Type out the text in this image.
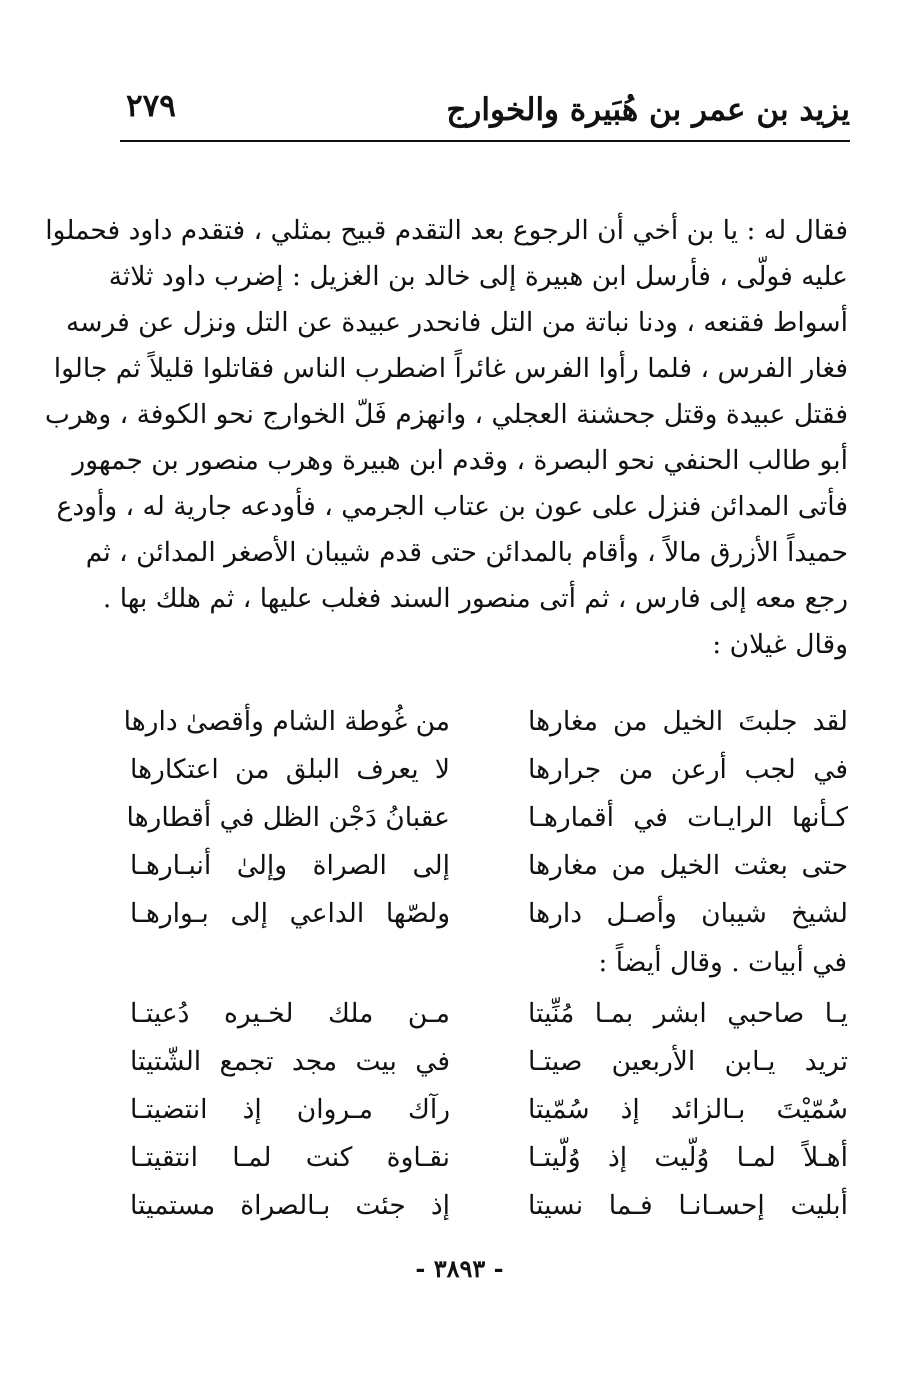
يزيد بن عمر بن هُبَيرة والخوارج
٢٧٩
فقال له : يا بن أخي أن الرجوع بعد التقدم قبيح بمثلي ، فتقدم داود فحملوا
عليه فولّى ، فأرسل ابن هبيرة إلى خالد بن الغزيل : إضرب داود ثلاثة
أسواط فقنعه ، ودنا نباتة من التل فانحدر عبيدة عن التل ونزل عن فرسه
فغار الفرس ، فلما رأوا الفرس غائراً اضطرب الناس فقاتلوا قليلاً ثم جالوا
فقتل عبيدة وقتل جحشنة العجلي ، وانهزم فَلّ الخوارج نحو الكوفة ، وهرب
أبو طالب الحنفي نحو البصرة ، وقدم ابن هبيرة وهرب منصور بن جمهور
فأتى المدائن فنزل على عون بن عتاب الجرمي ، فأودعه جارية له ، وأودع
حميداً الأزرق مالاً ، وأقام بالمدائن حتى قدم شيبان الأصغر المدائن ، ثم
رجع معه إلى فارس ، ثم أتى منصور السند فغلب عليها ، ثم هلك بها .
وقال غيلان :
لقد جلبتَ الخيل من مغارها
من غُوطة الشام وأقصىٰ دارها
في لجب أرعن من جرارها
لا يعرف البلق من اعتكارها
كـأنها الرايـات في أقمارهـا
عقبانُ دَجْن الظل في أقطارها
حتى بعثت الخيل من مغارها
إلى الصراة وإلىٰ أنبـارهـا
لشيخ شيبان وأصـل دارها
ولصّها الداعي إلى بـوارهـا
في أبيات . وقال أيضاً :
يـا صاحبي ابشر بمـا مُنِّيتا
مـن ملك لخـيره دُعيتـا
تريد يـابن الأربعين صيتـا
في بيت مجد تجمع الشّتيتا
سُمّيْتَ بـالزائد إذ سُمّيتا
رآك مـروان إذ انتضيتـا
أهـلاً لمـا وُلّيت إذ وُلّيتـا
نقـاوة كنت لمـا انتقيتـا
أبليت إحسـانـا فـما نسيتا
إذ جئت بـالصراة مستميتا
- ٣٨٩٣ -
